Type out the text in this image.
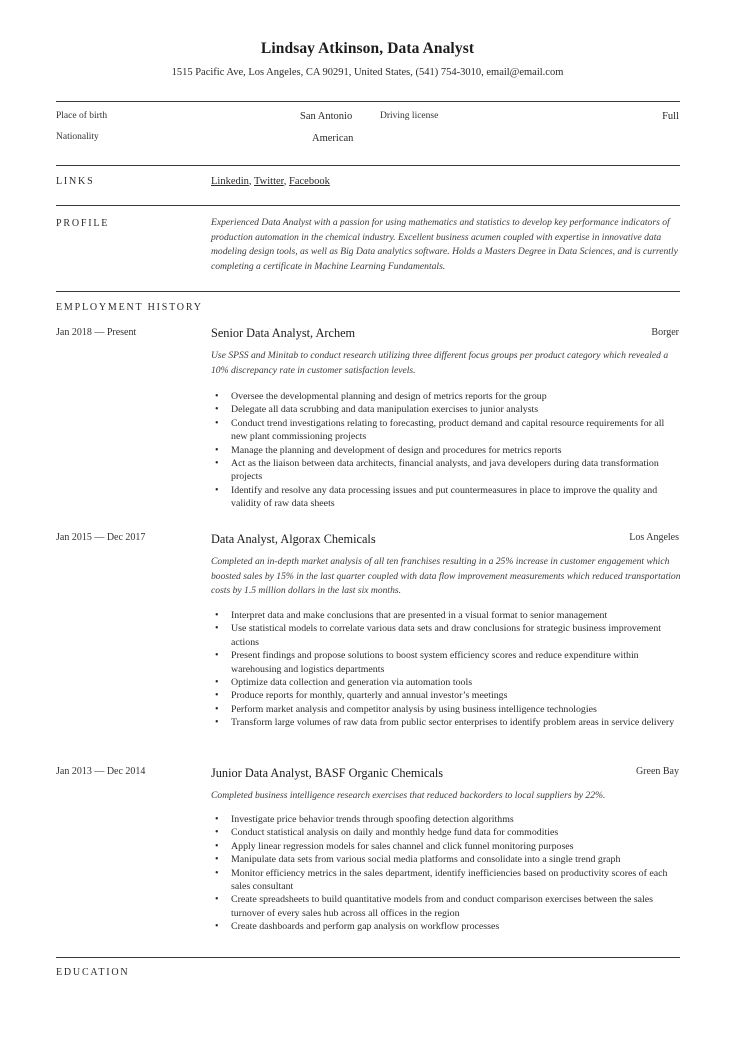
Lindsay Atkinson, Data Analyst
1515 Pacific Ave, Los Angeles, CA 90291, United States, (541) 754-3010, email@email.com
Place of birth	San Antonio	Driving license	Full
Nationality	American
LINKS	Linkedin, Twitter, Facebook
PROFILE	Experienced Data Analyst with a passion for using mathematics and statistics to develop key performance indicators of production automation in the chemical industry. Excellent business acumen coupled with expertise in innovative data modeling design tools, as well as Big Data analytics software. Holds a Masters Degree in Data Sciences, and is currently completing a certificate in Machine Learning Fundamentals.
EMPLOYMENT HISTORY
Jan 2018 — Present	Senior Data Analyst, Archem	Borger
Use SPSS and Minitab to conduct research utilizing three different focus groups per product category which revealed a 10% discrepancy rate in customer satisfaction levels.
• Oversee the developmental planning and design of metrics reports for the group
• Delegate all data scrubbing and data manipulation exercises to junior analysts
• Conduct trend investigations relating to forecasting, product demand and capital resource requirements for all new plant commissioning projects
• Manage the planning and development of design and procedures for metrics reports
• Act as the liaison between data architects, financial analysts, and java developers during data transformation projects
• Identify and resolve any data processing issues and put countermeasures in place to improve the quality and validity of raw data sheets
Jan 2015 — Dec 2017	Data Analyst, Algorax Chemicals	Los Angeles
Completed an in-depth market analysis of all ten franchises resulting in a 25% increase in customer engagement which boosted sales by 15% in the last quarter coupled with data flow improvement measurements which reduced transportation costs by 1.5 million dollars in the last six months.
• Interpret data and make conclusions that are presented in a visual format to senior management
• Use statistical models to correlate various data sets and draw conclusions for strategic business improvement actions
• Present findings and propose solutions to boost system efficiency scores and reduce expenditure within warehousing and logistics departments
• Optimize data collection and generation via automation tools
• Produce reports for monthly, quarterly and annual investor’s meetings
• Perform market analysis and competitor analysis by using business intelligence technologies
• Transform large volumes of raw data from public sector enterprises to identify problem areas in service delivery
Jan 2013 — Dec 2014	Junior Data Analyst, BASF Organic Chemicals	Green Bay
Completed business intelligence research exercises that reduced backorders to local suppliers by 22%.
• Investigate price behavior trends through spoofing detection algorithms
• Conduct statistical analysis on daily and monthly hedge fund data for commodities
• Apply linear regression models for sales channel and click funnel monitoring purposes
• Manipulate data sets from various social media platforms and consolidate into a single trend graph
• Monitor efficiency metrics in the sales department, identify inefficiencies based on productivity scores of each sales consultant
• Create spreadsheets to build quantitative models from and conduct comparison exercises between the sales turnover of every sales hub across all offices in the region
• Create dashboards and perform gap analysis on workflow processes
EDUCATION
